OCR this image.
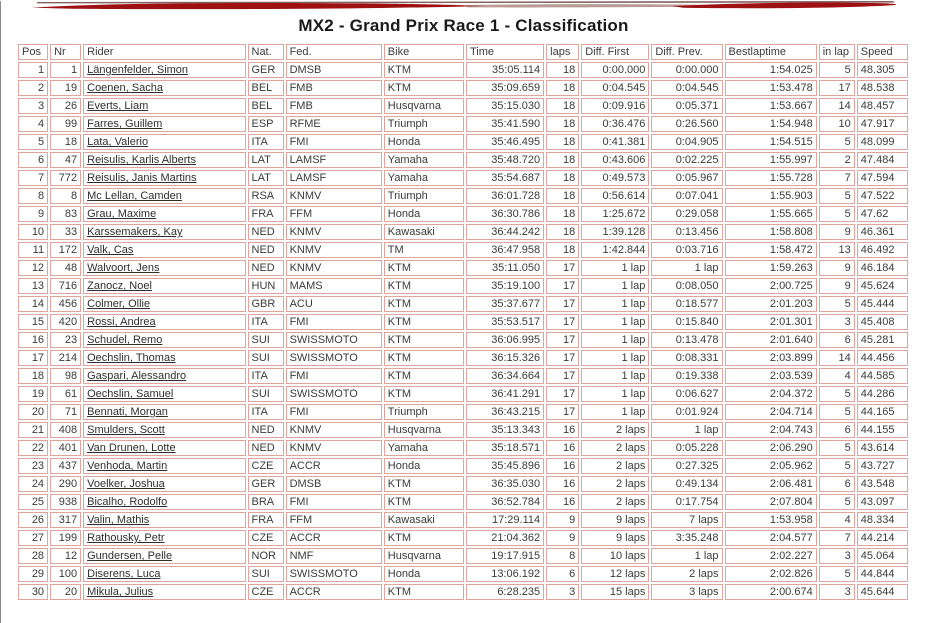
MX2 - Grand Prix Race 1 - Classification
Pos	Nr	Rider	Nat.	Fed.	Bike	Time	laps	Diff. First	Diff. Prev.	Bestlaptime	in lap	Speed
1	1	Längenfelder, Simon	GER	DMSB	KTM	35:05.114	18	0:00.000	0:00.000	1:54.025	5	48.305
2	19	Coenen, Sacha	BEL	FMB	KTM	35:09.659	18	0:04.545	0:04.545	1:53.478	17	48.538
3	26	Everts, Liam	BEL	FMB	Husqvarna	35:15.030	18	0:09.916	0:05.371	1:53.667	14	48.457
4	99	Farres, Guillem	ESP	RFME	Triumph	35:41.590	18	0:36.476	0:26.560	1:54.948	10	47.917
5	18	Lata, Valerio	ITA	FMI	Honda	35:46.495	18	0:41.381	0:04.905	1:54.515	5	48.099
6	47	Reisulis, Karlis Alberts	LAT	LAMSF	Yamaha	35:48.720	18	0:43.606	0:02.225	1:55.997	2	47.484
7	772	Reisulis, Janis Martins	LAT	LAMSF	Yamaha	35:54.687	18	0:49.573	0:05.967	1:55.728	7	47.594
8	8	Mc Lellan, Camden	RSA	KNMV	Triumph	36:01.728	18	0:56.614	0:07.041	1:55.903	5	47.522
9	83	Grau, Maxime	FRA	FFM	Honda	36:30.786	18	1:25.672	0:29.058	1:55.665	5	47.62
10	33	Karssemakers, Kay	NED	KNMV	Kawasaki	36:44.242	18	1:39.128	0:13.456	1:58.808	9	46.361
11	172	Valk, Cas	NED	KNMV	TM	36:47.958	18	1:42.844	0:03.716	1:58.472	13	46.492
12	48	Walvoort, Jens	NED	KNMV	KTM	35:11.050	17	1 lap	1 lap	1:59.263	9	46.184
13	716	Zanocz, Noel	HUN	MAMS	KTM	35:19.100	17	1 lap	0:08.050	2:00.725	9	45.624
14	456	Colmer, Ollie	GBR	ACU	KTM	35:37.677	17	1 lap	0:18.577	2:01.203	5	45.444
15	420	Rossi, Andrea	ITA	FMI	KTM	35:53.517	17	1 lap	0:15.840	2:01.301	3	45.408
16	23	Schudel, Remo	SUI	SWISSMOTO	KTM	36:06.995	17	1 lap	0:13.478	2:01.640	6	45.281
17	214	Oechslin, Thomas	SUI	SWISSMOTO	KTM	36:15.326	17	1 lap	0:08.331	2:03.899	14	44.456
18	98	Gaspari, Alessandro	ITA	FMI	KTM	36:34.664	17	1 lap	0:19.338	2:03.539	4	44.585
19	61	Oechslin, Samuel	SUI	SWISSMOTO	KTM	36:41.291	17	1 lap	0:06.627	2:04.372	5	44.286
20	71	Bennati, Morgan	ITA	FMI	Triumph	36:43.215	17	1 lap	0:01.924	2:04.714	5	44.165
21	408	Smulders, Scott	NED	KNMV	Husqvarna	35:13.343	16	2 laps	1 lap	2:04.743	6	44.155
22	401	Van Drunen, Lotte	NED	KNMV	Yamaha	35:18.571	16	2 laps	0:05.228	2:06.290	5	43.614
23	437	Venhoda, Martin	CZE	ACCR	Honda	35:45.896	16	2 laps	0:27.325	2:05.962	5	43.727
24	290	Voelker, Joshua	GER	DMSB	KTM	36:35.030	16	2 laps	0:49.134	2:06.481	6	43.548
25	938	Bicalho, Rodolfo	BRA	FMI	KTM	36:52.784	16	2 laps	0:17.754	2:07.804	5	43.097
26	317	Valin, Mathis	FRA	FFM	Kawasaki	17:29.114	9	9 laps	7 laps	1:53.958	4	48.334
27	199	Rathousky, Petr	CZE	ACCR	KTM	21:04.362	9	9 laps	3:35.248	2:04.577	7	44.214
28	12	Gundersen, Pelle	NOR	NMF	Husqvarna	19:17.915	8	10 laps	1 lap	2:02.227	3	45.064
29	100	Diserens, Luca	SUI	SWISSMOTO	Honda	13:06.192	6	12 laps	2 laps	2:02.826	5	44.844
30	20	Mikula, Julius	CZE	ACCR	KTM	6:28.235	3	15 laps	3 laps	2:00.674	3	45.644
